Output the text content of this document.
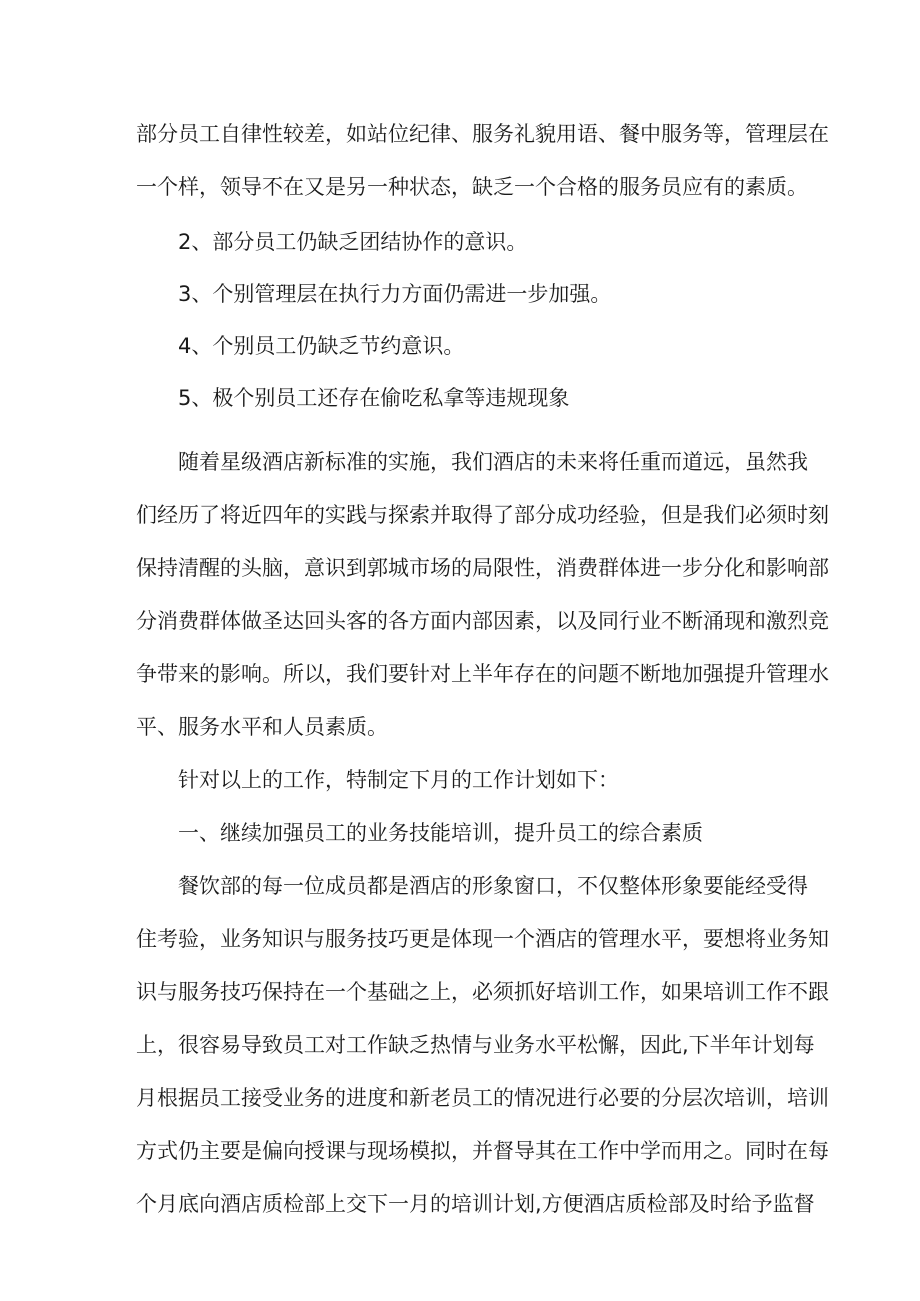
部分员工自律性较差，如站位纪律、服务礼貌用语、餐中服务等，管理层在
一个样，领导不在又是另一种状态，缺乏一个合格的服务员应有的素质。
2、部分员工仍缺乏团结协作的意识。
3、个别管理层在执行力方面仍需进一步加强。
4、个别员工仍缺乏节约意识。
5、极个别员工还存在偷吃私拿等违规现象
随着星级酒店新标准的实施，我们酒店的未来将任重而道远，虽然我
们经历了将近四年的实践与探索并取得了部分成功经验，但是我们必须时刻
保持清醒的头脑，意识到郭城市场的局限性，消费群体进一步分化和影响部
分消费群体做圣达回头客的各方面内部因素，以及同行业不断涌现和激烈竞
争带来的影响。所以，我们要针对上半年存在的问题不断地加强提升管理水
平、服务水平和人员素质。
针对以上的工作，特制定下月的工作计划如下：
一、继续加强员工的业务技能培训，提升员工的综合素质
餐饮部的每一位成员都是酒店的形象窗口，不仅整体形象要能经受得
住考验，业务知识与服务技巧更是体现一个酒店的管理水平，要想将业务知
识与服务技巧保持在一个基础之上，必须抓好培训工作，如果培训工作不跟
上，很容易导致员工对工作缺乏热情与业务水平松懈，因此,下半年计划每
月根据员工接受业务的进度和新老员工的情况进行必要的分层次培训，培训
方式仍主要是偏向授课与现场模拟，并督导其在工作中学而用之。同时在每
个月底向酒店质检部上交下一月的培训计划,方便酒店质检部及时给予监督
